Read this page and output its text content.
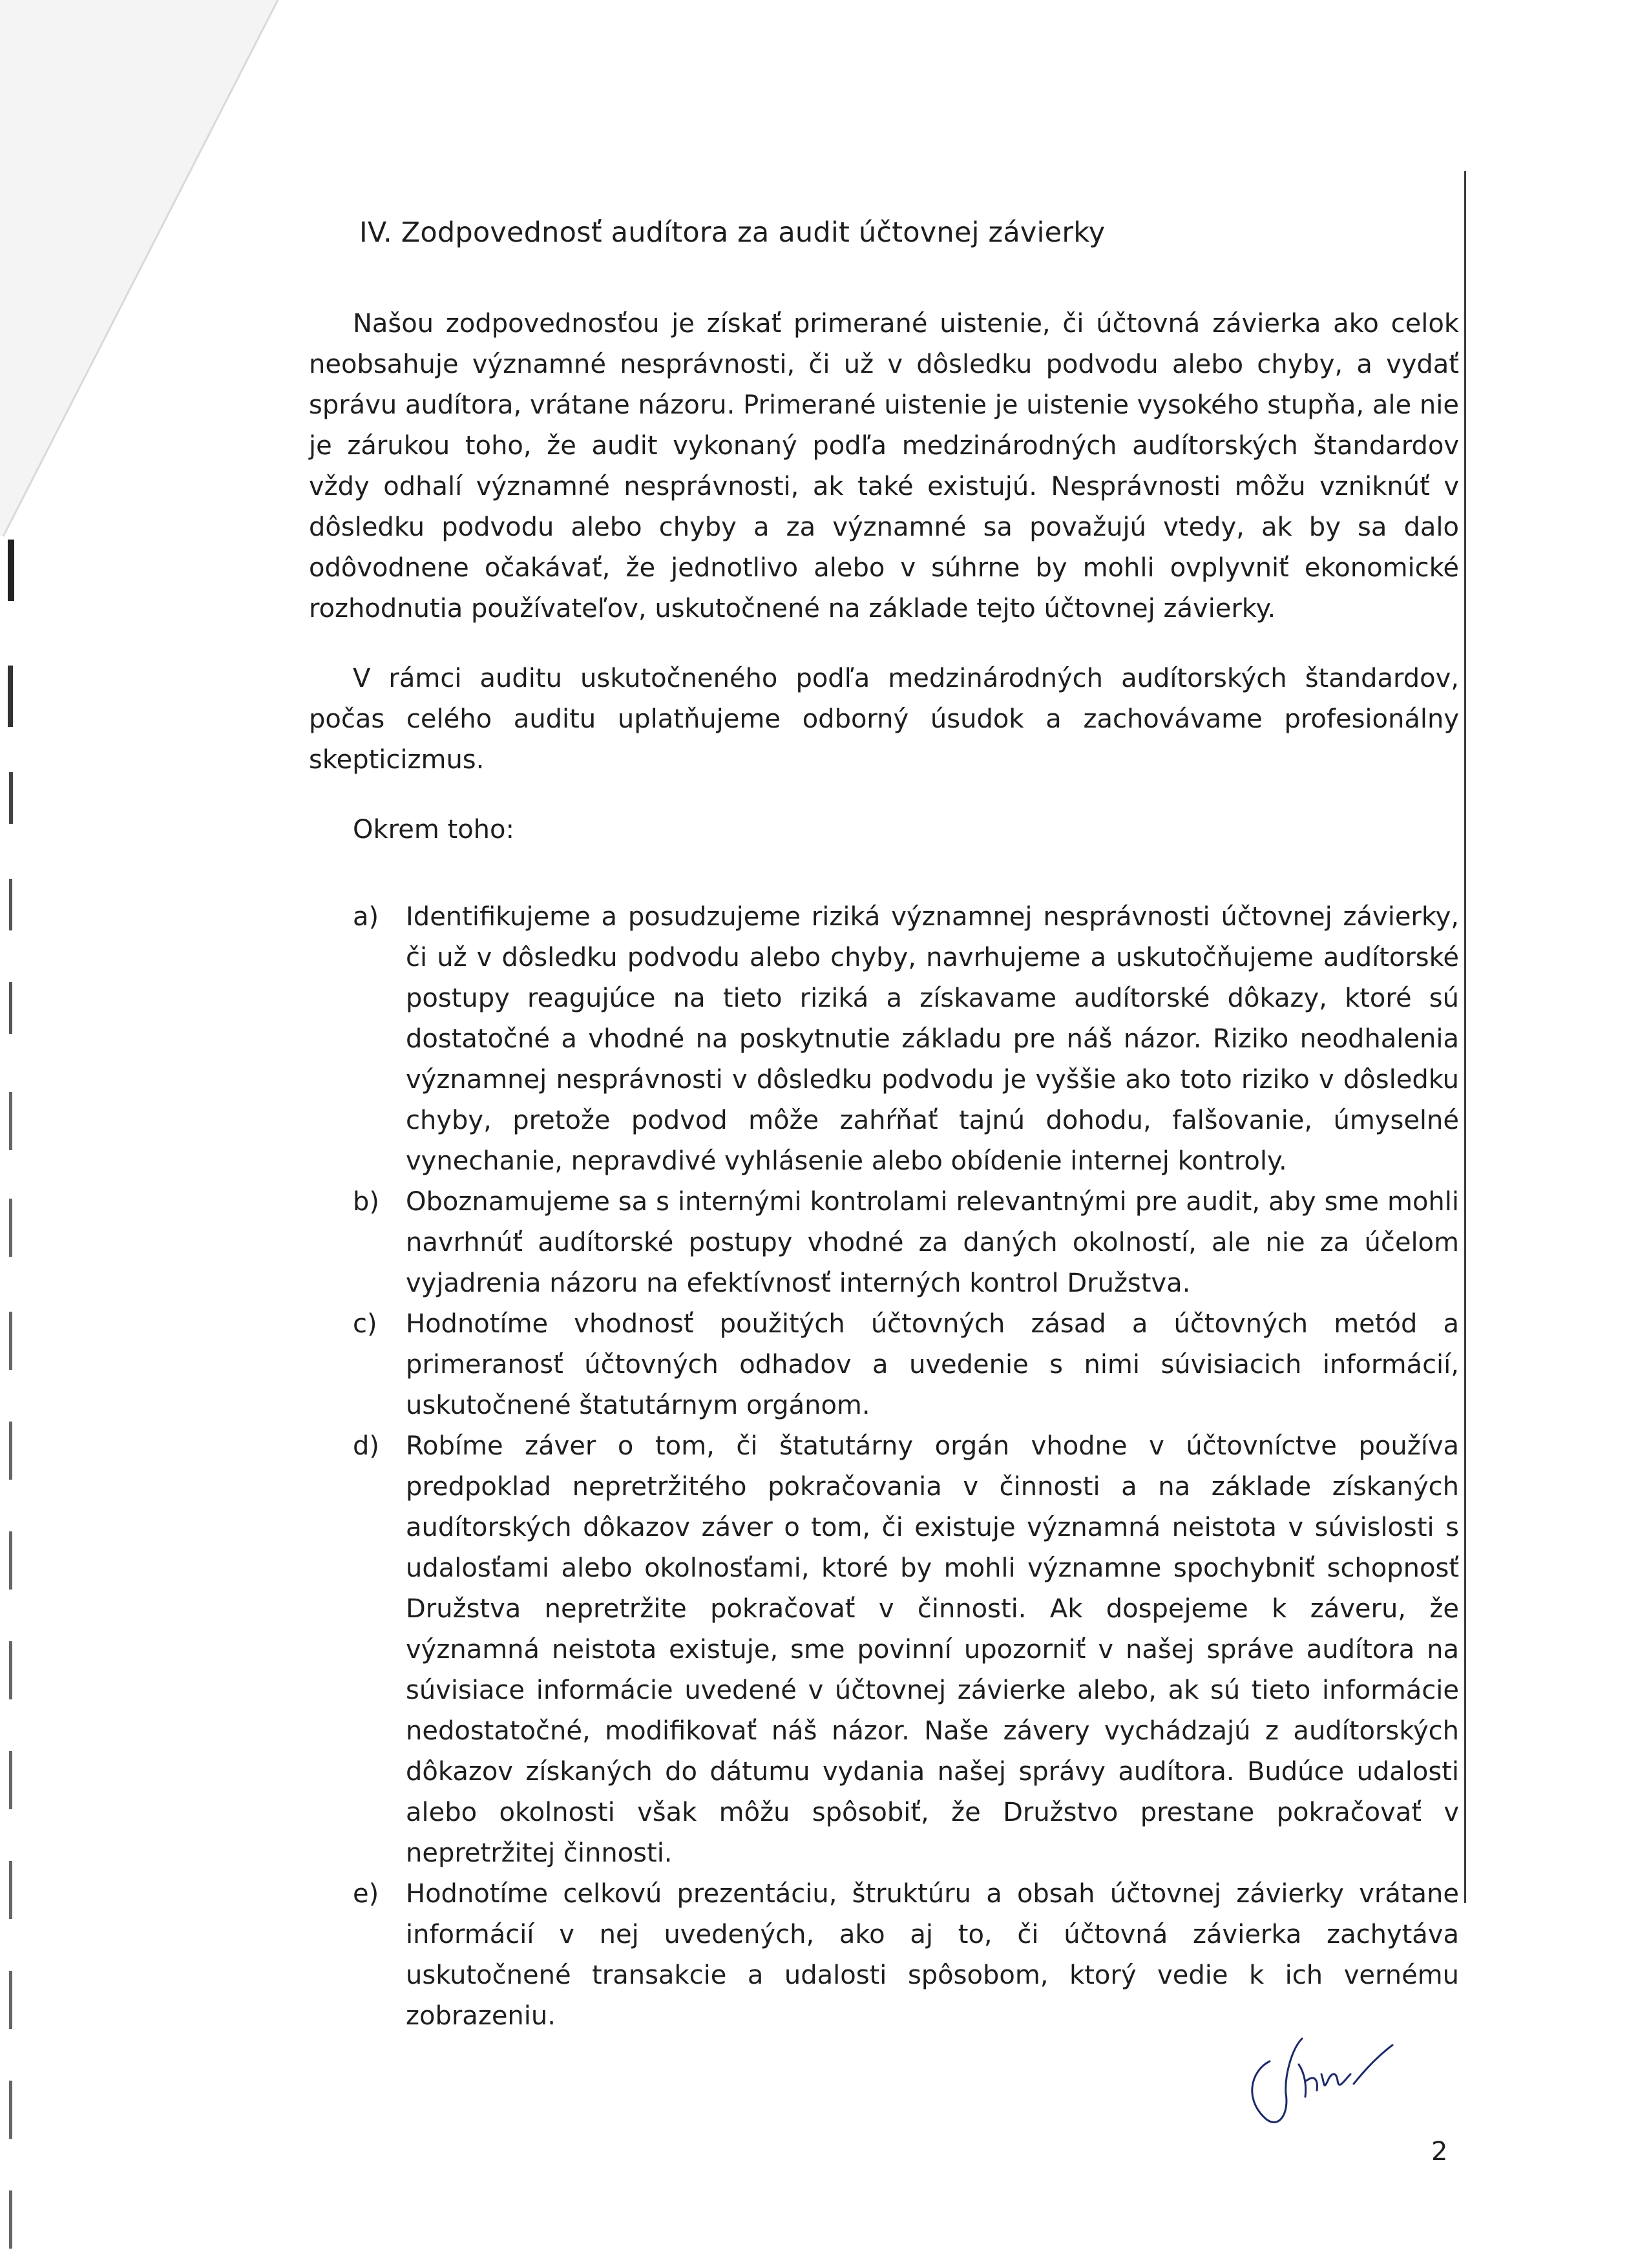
IV. Zodpovednosť audítora za audit účtovnej závierky

Našou zodpovednosťou je získať primerané uistenie, či účtovná závierka ako celok neobsahuje významné nesprávnosti, či už v dôsledku podvodu alebo chyby, a vydať správu audítora, vrátane názoru. Primerané uistenie je uistenie vysokého stupňa, ale nie je zárukou toho, že audit vykonaný podľa medzinárodných audítorských štandardov vždy odhalí významné nesprávnosti, ak také existujú. Nesprávnosti môžu vzniknúť v dôsledku podvodu alebo chyby a za významné sa považujú vtedy, ak by sa dalo odôvodnene očakávať, že jednotlivo alebo v súhrne by mohli ovplyvniť ekonomické rozhodnutia používateľov, uskutočnené na základe tejto účtovnej závierky.

V rámci auditu uskutočneného podľa medzinárodných audítorských štandardov, počas celého auditu uplatňujeme odborný úsudok a zachovávame profesionálny skepticizmus.

Okrem toho:

a) Identifikujeme a posudzujeme riziká významnej nesprávnosti účtovnej závierky, či už v dôsledku podvodu alebo chyby, navrhujeme a uskutočňujeme audítorské postupy reagujúce na tieto riziká a získavame audítorské dôkazy, ktoré sú dostatočné a vhodné na poskytnutie základu pre náš názor. Riziko neodhalenia významnej nesprávnosti v dôsledku podvodu je vyššie ako toto riziko v dôsledku chyby, pretože podvod môže zahŕňať tajnú dohodu, falšovanie, úmyselné vynechanie, nepravdivé vyhlásenie alebo obídenie internej kontroly.
b) Oboznamujeme sa s internými kontrolami relevantnými pre audit, aby sme mohli navrhnúť audítorské postupy vhodné za daných okolností, ale nie za účelom vyjadrenia názoru na efektívnosť interných kontrol Družstva.
c) Hodnotíme vhodnosť použitých účtovných zásad a účtovných metód a primeranosť účtovných odhadov a uvedenie s nimi súvisiacich informácií, uskutočnené štatutárnym orgánom.
d) Robíme záver o tom, či štatutárny orgán vhodne v účtovníctve používa predpoklad nepretržitého pokračovania v činnosti a na základe získaných audítorských dôkazov záver o tom, či existuje významná neistota v súvislosti s udalosťami alebo okolnosťami, ktoré by mohli významne spochybniť schopnosť Družstva nepretržite pokračovať v činnosti. Ak dospejeme k záveru, že významná neistota existuje, sme povinní upozorniť v našej správe audítora na súvisiace informácie uvedené v účtovnej závierke alebo, ak sú tieto informácie nedostatočné, modifikovať náš názor. Naše závery vychádzajú z audítorských dôkazov získaných do dátumu vydania našej správy audítora. Budúce udalosti alebo okolnosti však môžu spôsobiť, že Družstvo prestane pokračovať v nepretržitej činnosti.
e) Hodnotíme celkovú prezentáciu, štruktúru a obsah účtovnej závierky vrátane informácií v nej uvedených, ako aj to, či účtovná závierka zachytáva uskutočnené transakcie a udalosti spôsobom, ktorý vedie k ich vernému zobrazeniu.
2
